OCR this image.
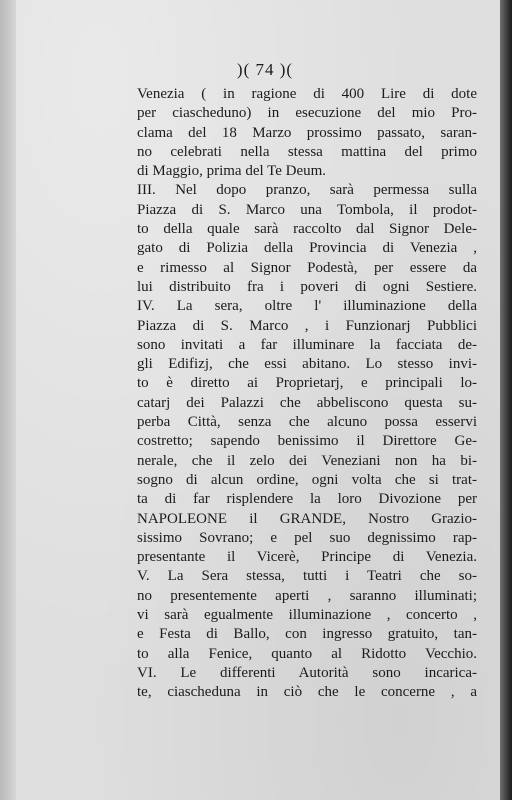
)( 74 )(
Venezia ( in ragione di 400 Lire di dote
per ciascheduno) in esecuzione del mio Pro-
clama del 18 Marzo prossimo passato, saran-
no celebrati nella stessa mattina del primo
di Maggio, prima del Te Deum.
III. Nel dopo pranzo, sarà permessa sulla
Piazza di S. Marco una Tombola, il prodot-
to della quale sarà raccolto dal Signor Dele-
gato di Polizia della Provincia di Venezia ,
e rimesso al Signor Podestà, per essere da
lui distribuito fra i poveri di ogni Sestiere.
IV. La sera, oltre l' illuminazione della
Piazza di S. Marco , i Funzionarj Pubblici
sono invitati a far illuminare la facciata de-
gli Edifizj, che essi abitano. Lo stesso invi-
to è diretto ai Proprietarj, e principali lo-
catarj dei Palazzi che abbeliscono questa su-
perba Città, senza che alcuno possa esservi
costretto; sapendo benissimo il Direttore Ge-
nerale, che il zelo dei Veneziani non ha bi-
sogno di alcun ordine, ogni volta che si trat-
ta di far risplendere la loro Divozione per
NAPOLEONE il GRANDE, Nostro Grazio-
sissimo Sovrano; e pel suo degnissimo rap-
presentante il Vicerè, Principe di Venezia.
V. La Sera stessa, tutti i Teatri che so-
no presentemente aperti , saranno illuminati;
vi sarà egualmente illuminazione , concerto ,
e Festa di Ballo, con ingresso gratuito, tan-
to alla Fenice, quanto al Ridotto Vecchio.
VI. Le differenti Autorità sono incarica-
te, ciascheduna in ciò che le concerne , a
